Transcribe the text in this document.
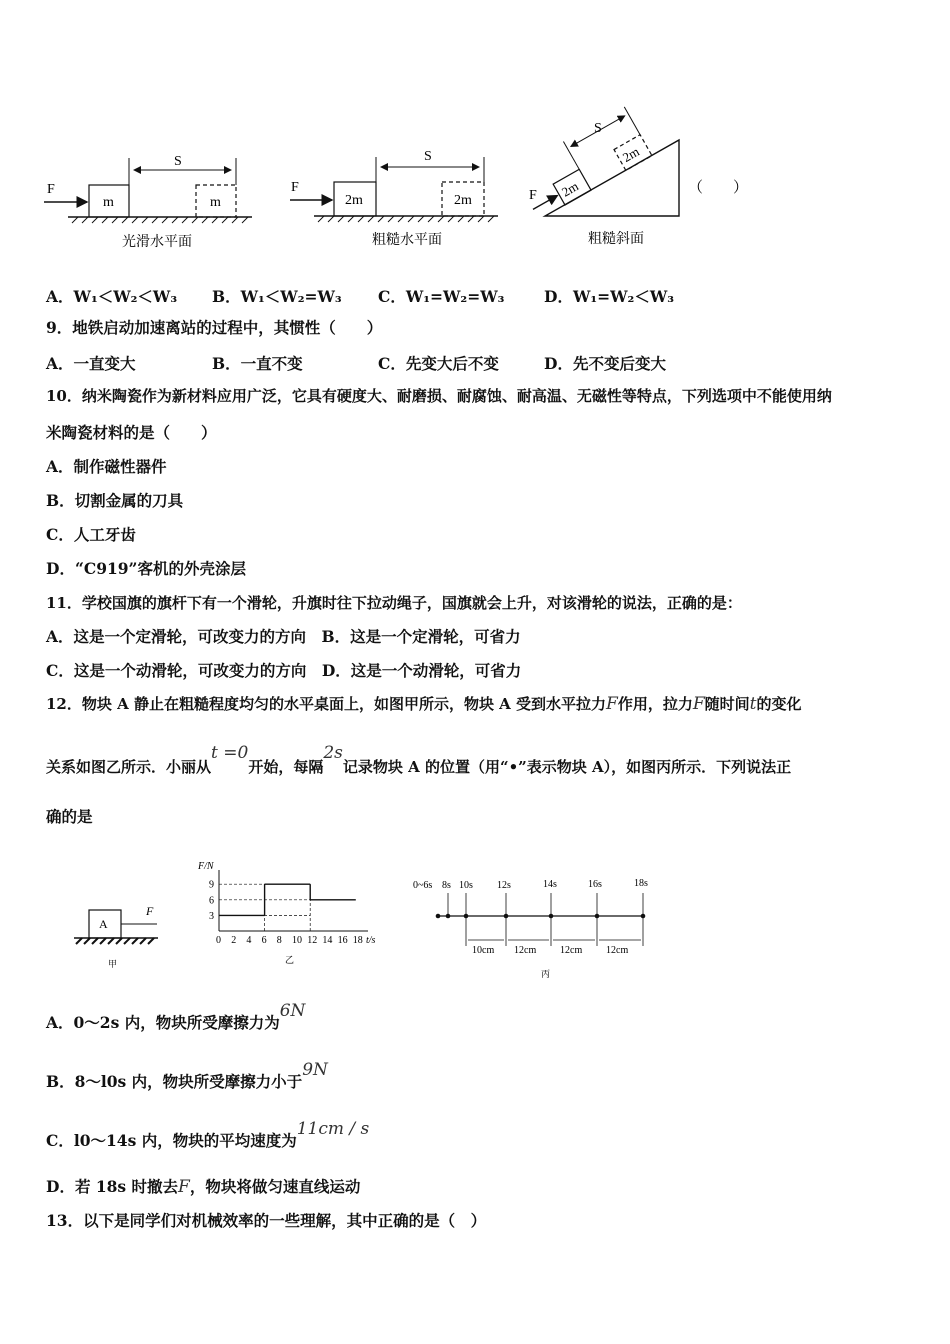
F
m	m
S
光滑水平面
F
2m	2m
S
粗糙水平面
2m
2m
F
S
粗糙斜面
（　　）
A．W₁＜W₂＜W₃ B．W₁＜W₂=W₃ C．W₁=W₂=W₃	D．W₁=W₂＜W₃
9．地铁启动加速离站的过程中，其惯性（　　）
A．一直变大	B．一直不变	C．先变大后不变	D．先不变后变大
10．纳米陶瓷作为新材料应用广泛，它具有硬度大、耐磨损、耐腐蚀、耐高温、无磁性等特点，下列选项中不能使用纳
米陶瓷材料的是（　　）
A．制作磁性器件
B．切割金属的刀具
C．人工牙齿
D．“C919”客机的外壳涂层
11．学校国旗的旗杆下有一个滑轮，升旗时往下拉动绳子，国旗就会上升，对该滑轮的说法，正确的是：
A．这是一个定滑轮，可改变力的方向　B．这是一个定滑轮，可省力
C．这是一个动滑轮，可改变力的方向　D．这是一个动滑轮，可省力
12．物块 A 静止在粗糙程度均匀的水平桌面上，如图甲所示，物块 A 受到水平拉力F作用，拉力F随时间t的变化
关系如图乙所示．小丽从t =0开始，每隔2s记录物块 A 的位置（用“•”表示物块 A），如图丙所示．下列说法正
确的是
A
F
甲
F/N
t/s
3
6
9
0 2 4 6 8 10 12 14 16 18
乙
0~6s 8s 10s 12s	14s	16s	18s
10cm 12cm 12cm 12cm
丙
A．0～2s 内，物块所受摩擦力为6N
B．8～l0s 内，物块所受摩擦力小于9N
C．l0～14s 内，物块的平均速度为11cm / s
D．若 18s 时撤去F，物块将做匀速直线运动
13．以下是同学们对机械效率的一些理解，其中正确的是（　）
